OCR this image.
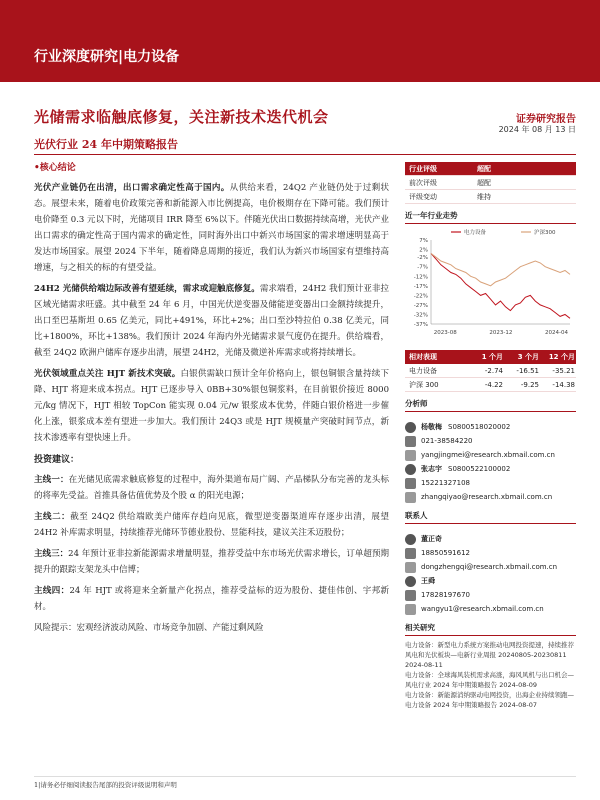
行业深度研究|电力设备
光储需求临触底修复，关注新技术迭代机会	证券研究报告
2024 年 08 月 13 日
光伏行业 24 年中期策略报告
•核心结论

光伏产业链仍在出清，出口需求确定性高于国内。从供给来看，24Q2 产业链仍处于过剩状态。展望未来，随着电价政策完善和新能源入市比例提高，电价极期存在下降可能。我们预计电价降至 0.3 元以下时，光储项目 IRR 降至 6%以下。伴随光伏出口数据持续高增，光伏产业出口需求的确定性高于国内需求的确定性，同时海外出口中新兴市场国家的需求增速明显高于发达市场国家。展望 2024 下半年，随着降息周期的接近，我们认为新兴市场国家有望维持高增速，与之相关的标的有望受益。

24H2 光储供给端边际改善有望延续，需求或迎触底修复。需求端看，24H2 我们预计亚非拉区域光储需求旺盛。其中截至 24 年 6 月，中国光伏逆变器及储能逆变器出口金额持续提升，出口至巴基斯坦 0.65 亿美元，同比+491%，环比+2%；出口至沙特拉伯 0.38 亿美元，同比+1800%，环比+138%。我们预计 2024 年海内外光储需求景气度仍在提升。供给端看，截至 24Q2 欧洲户储库存逐步出清，展望 24H2，光储及微逆补库需求或将持续增长。

光伏领域重点关注 HJT 新技术突破。白银供需缺口预计全年价格向上，银包铜银含量持续下降、HJT 将迎来成本拐点。HJT 已逐步导入 0BB+30%银包铜浆料，在目前银价接近 8000 元/kg 情况下，HJT 相较 TopCon 能实现 0.04 元/w 银浆成本优势，伴随白银价格进一步催化上涨，银浆成本差有望进一步加大。我们预计 24Q3 或是 HJT 规模量产突破时间节点，新技术渗透率有望快速上升。

投资建议：

主线一：在光储见底需求触底修复的过程中，海外渠道布局广阔、产品梯队分布完善的龙头标的将率先受益。首推具备估值优势及个股 α 的阳光电源；

主线二：截至 24Q2 供给端欧美户储库存趋向见底，微型逆变器渠道库存逐步出清，展望 24H2 补库需求明显，持续推荐光储环节德业股份、昱能科技，建议关注禾迈股份；

主线三：24 年预计亚非拉新能源需求增量明显，推荐受益中东市场光伏需求增长，订单超预期提升的跟踪支架龙头中信博；

主线四：24 年 HJT 或将迎来全新量产化拐点，推荐受益标的迈为股份、捷佳伟创、宇邦新材。

风险提示：宏观经济波动风险、市场竞争加剧、产能过剩风险

行业评级	超配
前次评级	超配
评级变动	维持
近一年行业走势
7%
2%
-2%
-7%
-12%
-17%
-22%
-27%
-32%
-37%
2023-08	2023-12	2024-04
电力设备	沪深300
相对表现	1 个月	3 个月	12 个月
电力设备	-2.74	-16.51	-35.21
沪深 300	-4.22	-9.25	-14.38
分析师
杨敬梅 S0800518020002
021-38584220
yangjingmei@research.xbmail.com.cn
张志宇 S0800522100002
15221327108
zhangqiyao@research.xbmail.com.cn
联系人
董正奇
18850591612
dongzhengqi@research.xbmail.com.cn
王舜
17828197670
wangyu1@research.xbmail.com.cn
相关研究
电力设备：新型电力系统方案推动电网投资提速，持续推荐风电和光伏板块—电新行业周报 20240805-20230811 2024-08-11
电力设备：全球海风装机需求高涨，海风风机与出口机会—风电行业 2024 年中期策略报告 2024-08-09
电力设备：新能源消纳驱动电网投资，出海企业持续领跑—电力设备 2024 年中期策略报告 2024-08-07
1|请务必仔细阅读报告尾部的投资评级说明和声明
